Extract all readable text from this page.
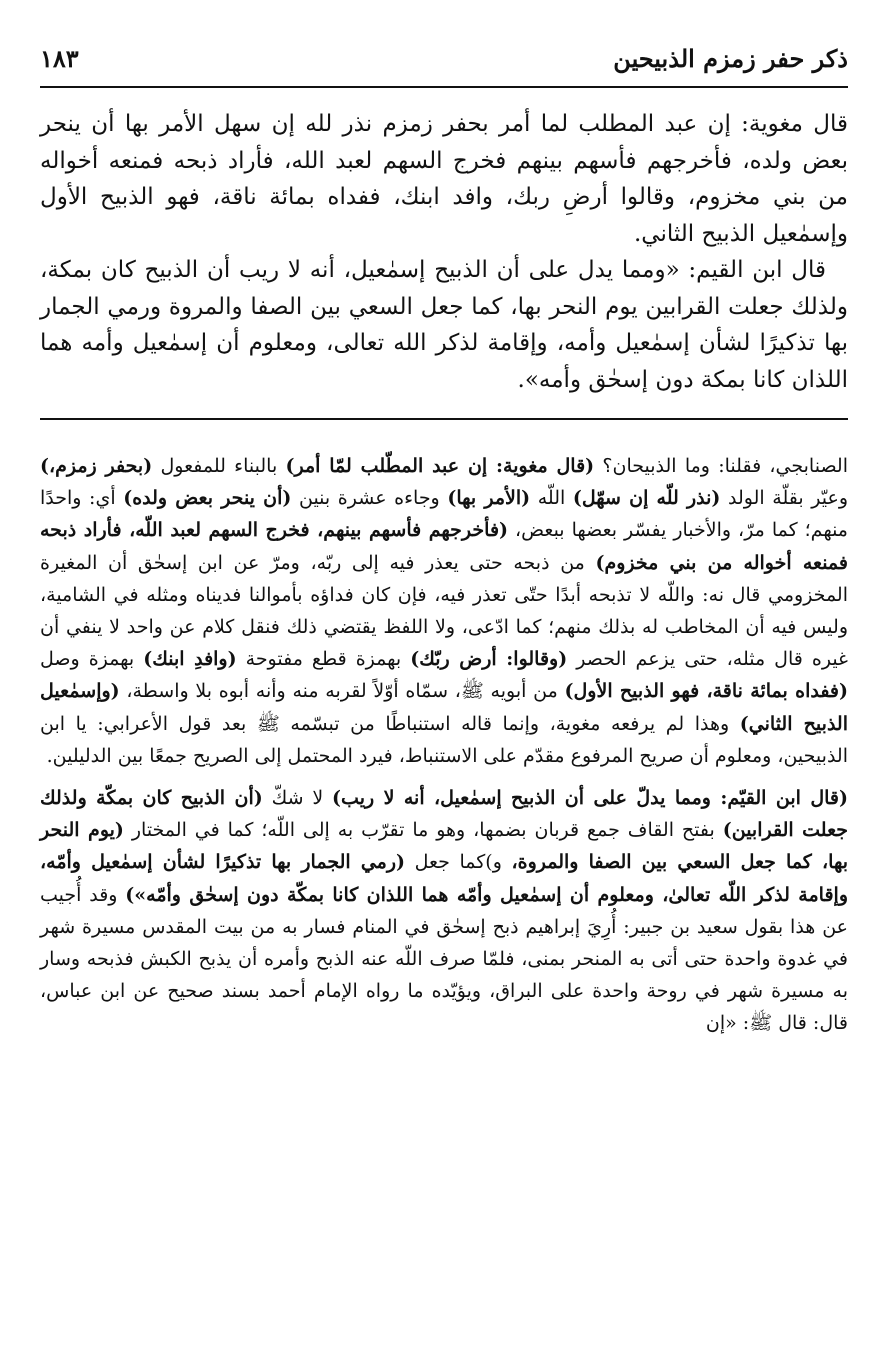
ذكر حفر زمزم الذبيحين
١٨٣

قال مغوية: إن عبد المطلب لما أمر بحفر زمزم نذر لله إن سهل الأمر بها أن ينحر بعض ولده، فأخرجهم فأسهم بينهم فخرج السهم لعبد الله، فأراد ذبحه فمنعه أخواله من بني مخزوم، وقالوا أرضِ ربك، وافد ابنك، ففداه بمائة ناقة، فهو الذبيح الأول وإسمٰعيل الذبيح الثاني.

قال ابن القيم: «ومما يدل على أن الذبيح إسمٰعيل، أنه لا ريب أن الذبيح كان بمكة، ولذلك جعلت القرابين يوم النحر بها، كما جعل السعي بين الصفا والمروة ورمي الجمار بها تذكيرًا لشأن إسمٰعيل وأمه، وإقامة لذكر الله تعالى، ومعلوم أن إسمٰعيل وأمه هما اللذان كانا بمكة دون إسحٰق وأمه».

الصنابجي، فقلنا: وما الذبيحان؟ (قال مغوية: إن عبد المطّلب لمّا أمر) بالبناء للمفعول (بحفر زمزم،) وعيّر بقلّة الولد (نذر للّه إن سهّل) اللّه (الأمر بها) وجاءه عشرة بنين (أن ينحر بعض ولده) أي: واحدًا منهم؛ كما مرّ، والأخبار يفسّر بعضها ببعض، (فأخرجهم فأسهم بينهم، فخرج السهم لعبد اللّه، فأراد ذبحه فمنعه أخواله من بني مخزوم) من ذبحه حتى يعذر فيه إلى ربّه، ومرّ عن ابن إسحٰق أن المغيرة المخزومي قال نه: واللّه لا تذبحه أبدًا حتّى تعذر فيه، فإن كان فداؤه بأموالنا فديناه ومثله في الشامية، وليس فيه أن المخاطب له بذلك منهم؛ كما ادّعى، ولا اللفظ يقتضي ذلك فنقل كلام عن واحد لا ينفي أن غيره قال مثله، حتى يزعم الحصر (وقالوا: أرض ربّك) بهمزة قطع مفتوحة (وافدِ ابنك) بهمزة وصل (ففداه بمائة ناقة، فهو الذبيح الأول) من أبويه ﷺ، سمّاه أوّلاً لقربه منه وأنه أبوه بلا واسطة، (وإسمٰعيل الذبيح الثاني) وهذا لم يرفعه مغوية، وإنما قاله استنباطًا من تبسّمه ﷺ بعد قول الأعرابي: يا ابن الذبيحين، ومعلوم أن صريح المرفوع مقدّم على الاستنباط، فيرد المحتمل إلى الصريح جمعًا بين الدليلين.

(قال ابن القيّم: ومما يدلّ على أن الذبيح إسمٰعيل، أنه لا ريب) لا شكّ (أن الذبيح كان بمكّة ولذلك جعلت القرابين) بفتح القاف جمع قربان بضمها، وهو ما تقرّب به إلى اللّه؛ كما في المختار (يوم النحر بها، كما جعل السعي بين الصفا والمروة، و)كما جعل (رمي الجمار بها تذكيرًا لشأن إسمٰعيل وأمّه، وإقامة لذكر اللّه تعالىٰ، ومعلوم أن إسمٰعيل وأمّه هما اللذان كانا بمكّة دون إسحٰق وأمّه») وقد أُجيب عن هذا بقول سعيد بن جبير: أُرِيَ إبراهيم ذبح إسحٰق في المنام فسار به من بيت المقدس مسيرة شهر في غدوة واحدة حتى أتى به المنحر بمنى، فلمّا صرف اللّه عنه الذبح وأمره أن يذبح الكبش فذبحه وسار به مسيرة شهر في روحة واحدة على البراق، ويؤيّده ما رواه الإمام أحمد بسند صحيح عن ابن عباس، قال: قال ﷺ: «إن
